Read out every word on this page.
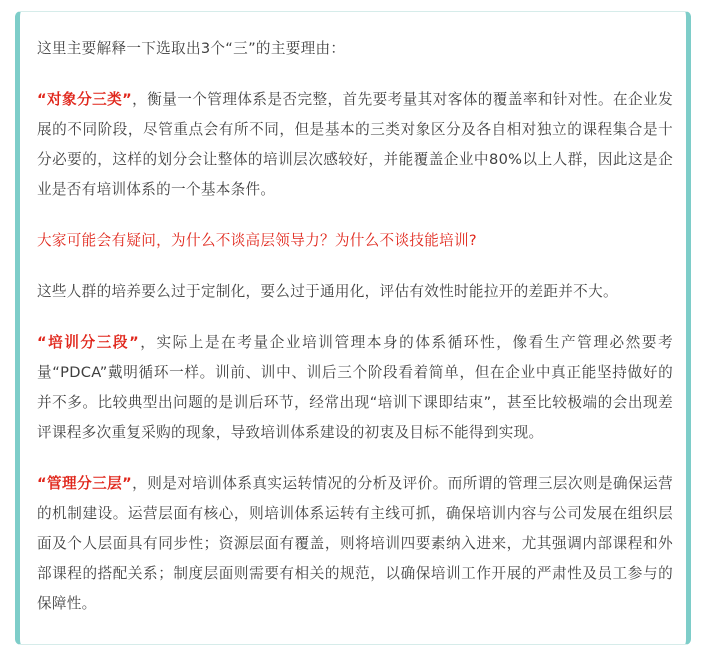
这里主要解释一下选取出3个“三”的主要理由：

“对象分三类”，衡量一个管理体系是否完整，首先要考量其对客体的覆盖率和针对性。在企业发展的不同阶段，尽管重点会有所不同，但是基本的三类对象区分及各自相对独立的课程集合是十分必要的，这样的划分会让整体的培训层次感较好，并能覆盖企业中80%以上人群，因此这是企业是否有培训体系的一个基本条件。

大家可能会有疑问，为什么不谈高层领导力？为什么不谈技能培训?

这些人群的培养要么过于定制化，要么过于通用化，评估有效性时能拉开的差距并不大。

“培训分三段”，实际上是在考量企业培训管理本身的体系循环性，像看生产管理必然要考量“PDCA”戴明循环一样。训前、训中、训后三个阶段看着简单，但在企业中真正能坚持做好的并不多。比较典型出问题的是训后环节，经常出现“培训下课即结束”，甚至比较极端的会出现差评课程多次重复采购的现象，导致培训体系建设的初衷及目标不能得到实现。

“管理分三层”，则是对培训体系真实运转情况的分析及评价。而所谓的管理三层次则是确保运营的机制建设。运营层面有核心，则培训体系运转有主线可抓，确保培训内容与公司发展在组织层面及个人层面具有同步性；资源层面有覆盖，则将培训四要素纳入进来，尤其强调内部课程和外部课程的搭配关系；制度层面则需要有相关的规范，以确保培训工作开展的严肃性及员工参与的保障性。
